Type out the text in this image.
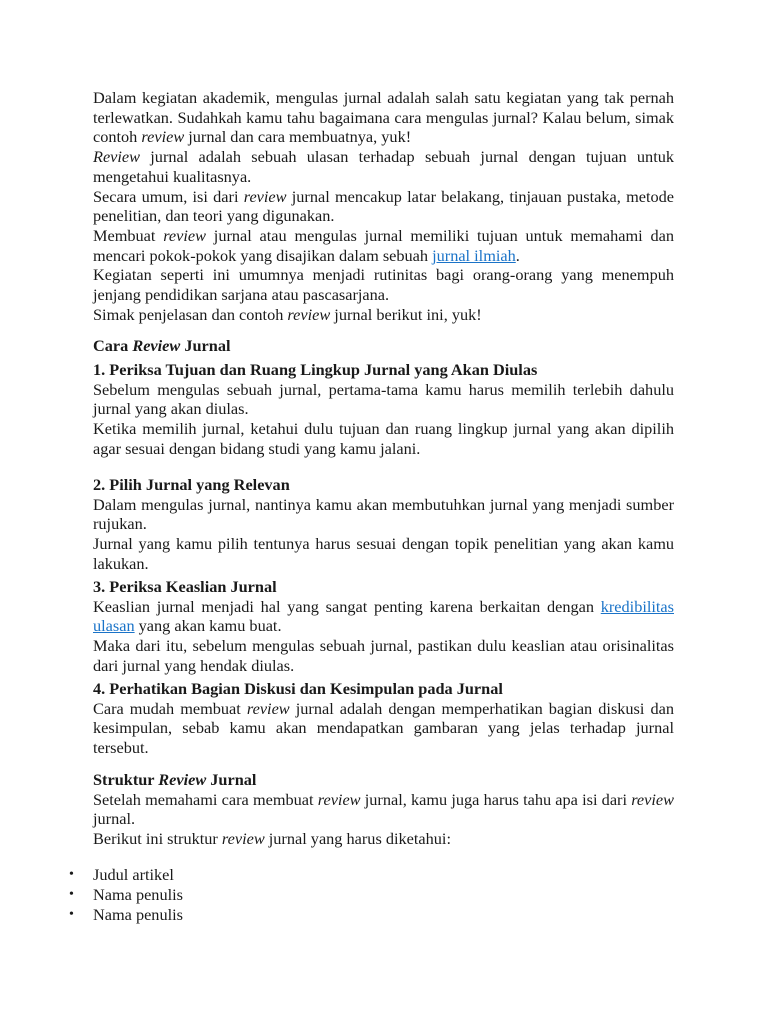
Dalam kegiatan akademik, mengulas jurnal adalah salah satu kegiatan yang tak pernah terlewatkan. Sudahkah kamu tahu bagaimana cara mengulas jurnal? Kalau belum, simak contoh review jurnal dan cara membuatnya, yuk!

Review jurnal adalah sebuah ulasan terhadap sebuah jurnal dengan tujuan untuk mengetahui kualitasnya.

Secara umum, isi dari review jurnal mencakup latar belakang, tinjauan pustaka, metode penelitian, dan teori yang digunakan.

Membuat review jurnal atau mengulas jurnal memiliki tujuan untuk memahami dan mencari pokok-pokok yang disajikan dalam sebuah jurnal ilmiah.

Kegiatan seperti ini umumnya menjadi rutinitas bagi orang-orang yang menempuh jenjang pendidikan sarjana atau pascasarjana.

Simak penjelasan dan contoh review jurnal berikut ini, yuk!

Cara Review Jurnal
1. Periksa Tujuan dan Ruang Lingkup Jurnal yang Akan Diulas

Sebelum mengulas sebuah jurnal, pertama-tama kamu harus memilih terlebih dahulu jurnal yang akan diulas.

Ketika memilih jurnal, ketahui dulu tujuan dan ruang lingkup jurnal yang akan dipilih agar sesuai dengan bidang studi yang kamu jalani.

2. Pilih Jurnal yang Relevan

Dalam mengulas jurnal, nantinya kamu akan membutuhkan jurnal yang menjadi sumber rujukan.

Jurnal yang kamu pilih tentunya harus sesuai dengan topik penelitian yang akan kamu lakukan.

3. Periksa Keaslian Jurnal

Keaslian jurnal menjadi hal yang sangat penting karena berkaitan dengan kredibilitas ulasan yang akan kamu buat.

Maka dari itu, sebelum mengulas sebuah jurnal, pastikan dulu keaslian atau orisinalitas dari jurnal yang hendak diulas.

4. Perhatikan Bagian Diskusi dan Kesimpulan pada Jurnal

Cara mudah membuat review jurnal adalah dengan memperhatikan bagian diskusi dan kesimpulan, sebab kamu akan mendapatkan gambaran yang jelas terhadap jurnal tersebut.

Struktur Review Jurnal

Setelah memahami cara membuat review jurnal, kamu juga harus tahu apa isi dari review jurnal.

Berikut ini struktur review jurnal yang harus diketahui:

• Judul artikel
• Nama penulis
• Nama penulis
